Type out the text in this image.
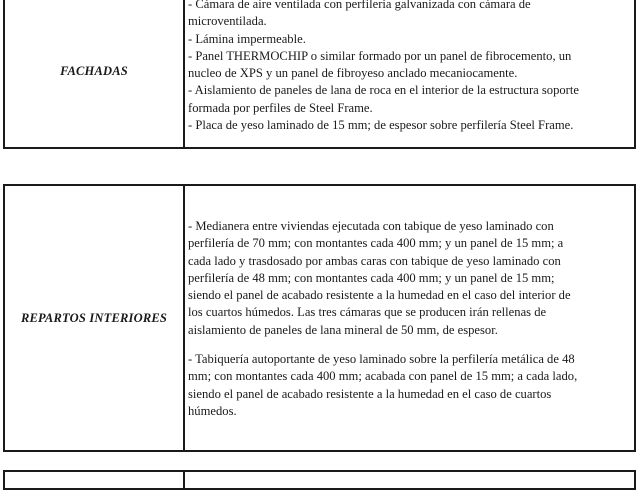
FACHADAS
- Cámara de aire ventilada con perfilería galvanizada con cámara de
microventilada.
- Lámina impermeable.
- Panel THERMOCHIP o similar formado por un panel de fibrocemento, un
nucleo de XPS y un panel de fibroyeso anclado mecaniocamente.
- Aislamiento de paneles de lana de roca en el interior de la estructura soporte
formada por perfiles de Steel Frame.
- Placa de yeso laminado de 15 mm; de espesor sobre perfilería Steel Frame.
REPARTOS INTERIORES
- Medianera entre viviendas ejecutada con tabique de yeso laminado con
perfilería de 70 mm; con montantes cada 400 mm; y un panel de 15 mm; a
cada lado y trasdosado por ambas caras con tabique de yeso laminado con
perfilería de 48 mm; con montantes cada 400 mm; y un panel de 15 mm;
siendo el panel de acabado resistente a la humedad en el caso del interior de
los cuartos húmedos. Las tres cámaras que se producen irán rellenas de
aislamiento de paneles de lana mineral de 50 mm, de espesor.
- Tabiquería autoportante de yeso laminado sobre la perfilería metálica de 48
mm; con montantes cada 400 mm; acabada con panel de 15 mm; a cada lado,
siendo el panel de acabado resistente a la humedad en el caso de cuartos
húmedos.
